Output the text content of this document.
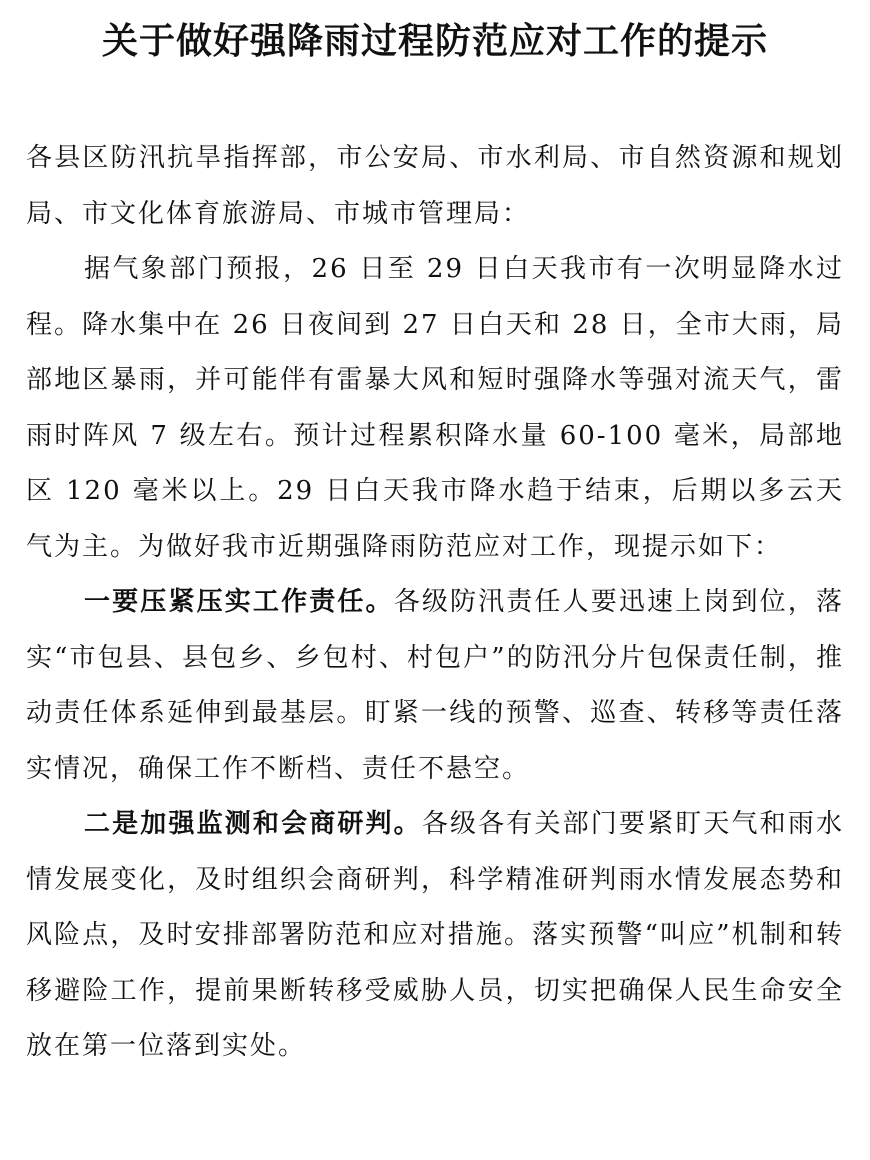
关于做好强降雨过程防范应对工作的提示

各县区防汛抗旱指挥部，市公安局、市水利局、市自然资源和规划局、市文化体育旅游局、市城市管理局：

据气象部门预报，26 日至 29 日白天我市有一次明显降水过程。降水集中在 26 日夜间到 27 日白天和 28 日，全市大雨，局部地区暴雨，并可能伴有雷暴大风和短时强降水等强对流天气，雷雨时阵风 7 级左右。预计过程累积降水量 60-100 毫米，局部地区 120 毫米以上。29 日白天我市降水趋于结束，后期以多云天气为主。为做好我市近期强降雨防范应对工作，现提示如下：

一要压紧压实工作责任。各级防汛责任人要迅速上岗到位，落实“市包县、县包乡、乡包村、村包户”的防汛分片包保责任制，推动责任体系延伸到最基层。盯紧一线的预警、巡查、转移等责任落实情况，确保工作不断档、责任不悬空。

二是加强监测和会商研判。各级各有关部门要紧盯天气和雨水情发展变化，及时组织会商研判，科学精准研判雨水情发展态势和风险点，及时安排部署防范和应对措施。落实预警“叫应”机制和转移避险工作，提前果断转移受威胁人员，切实把确保人民生命安全放在第一位落到实处。
